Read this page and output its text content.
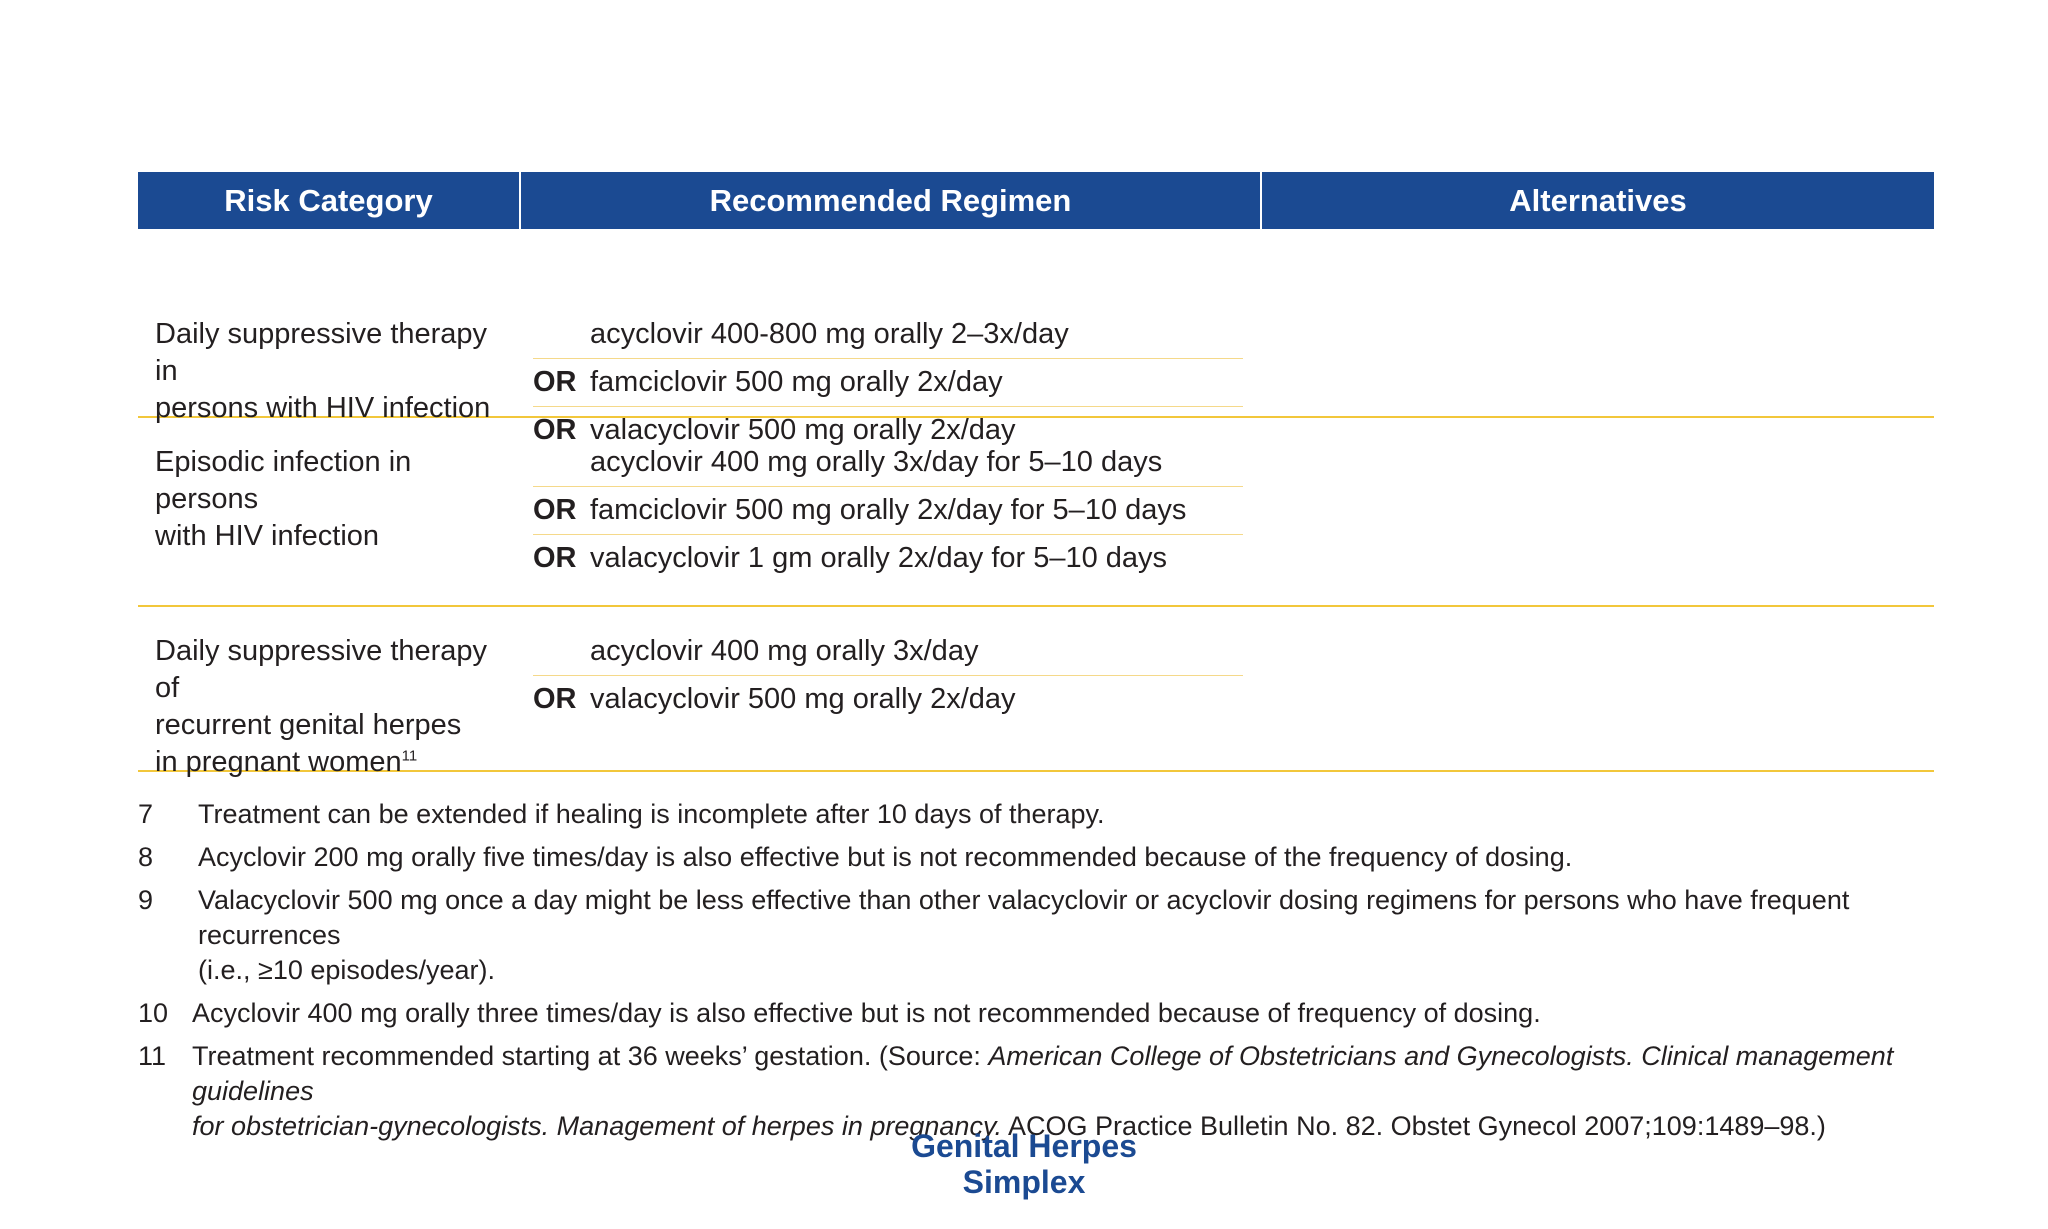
Risk Category	Recommended Regimen	Alternatives
Daily suppressive therapy in
persons with HIV infection
acyclovir 400-800 mg orally 2–3x/day
OR famciclovir 500 mg orally 2x/day
OR valacyclovir 500 mg orally 2x/day
Episodic infection in persons
with HIV infection
acyclovir 400 mg orally 3x/day for 5–10 days
OR famciclovir 500 mg orally 2x/day for 5–10 days
OR valacyclovir 1 gm orally 2x/day for 5–10 days
Daily suppressive therapy of
recurrent genital herpes
in pregnant women$^{11}$
acyclovir 400 mg orally 3x/day
OR valacyclovir 500 mg orally 2x/day
7 Treatment can be extended if healing is incomplete after 10 days of therapy.
8 Acyclovir 200 mg orally five times/day is also effective but is not recommended because of the frequency of dosing.
9 Valacyclovir 500 mg once a day might be less effective than other valacyclovir or acyclovir dosing regimens for persons who have frequent recurrences
(i.e., ≥10 episodes/year).
10 Acyclovir 400 mg orally three times/day is also effective but is not recommended because of frequency of dosing.
11 Treatment recommended starting at 36 weeks’ gestation. (Source: American College of Obstetricians and Gynecologists. Clinical management guidelines
for obstetrician-gynecologists. Management of herpes in pregnancy. ACOG Practice Bulletin No. 82. Obstet Gynecol 2007;109:1489–98.)
Genital Herpes
Simplex
